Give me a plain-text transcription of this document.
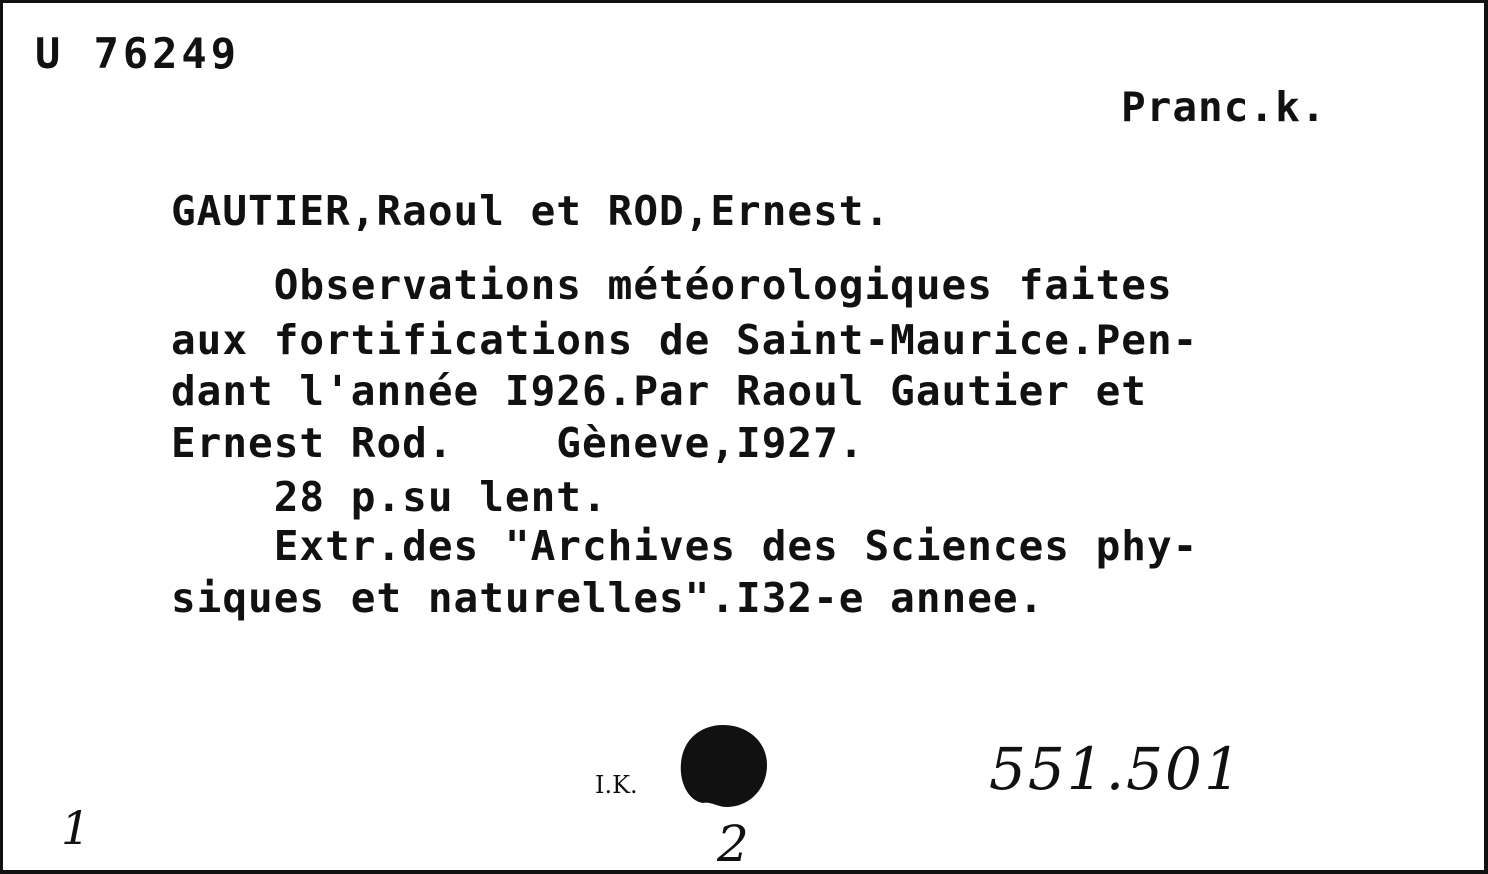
U 76249
Pranc.k.
GAUTIER,Raoul et ROD,Ernest.
Observations météorologiques faites
aux fortifications de Saint-Maurice.Pen-
dant l'année I926.Par Raoul Gautier et
Ernest Rod.    Gèneve,I927.
28 p.su lent.
Extr.des "Archives des Sciences phy-
siques et naturelles".I32-e annee.
I.K.	551.501
2
1
